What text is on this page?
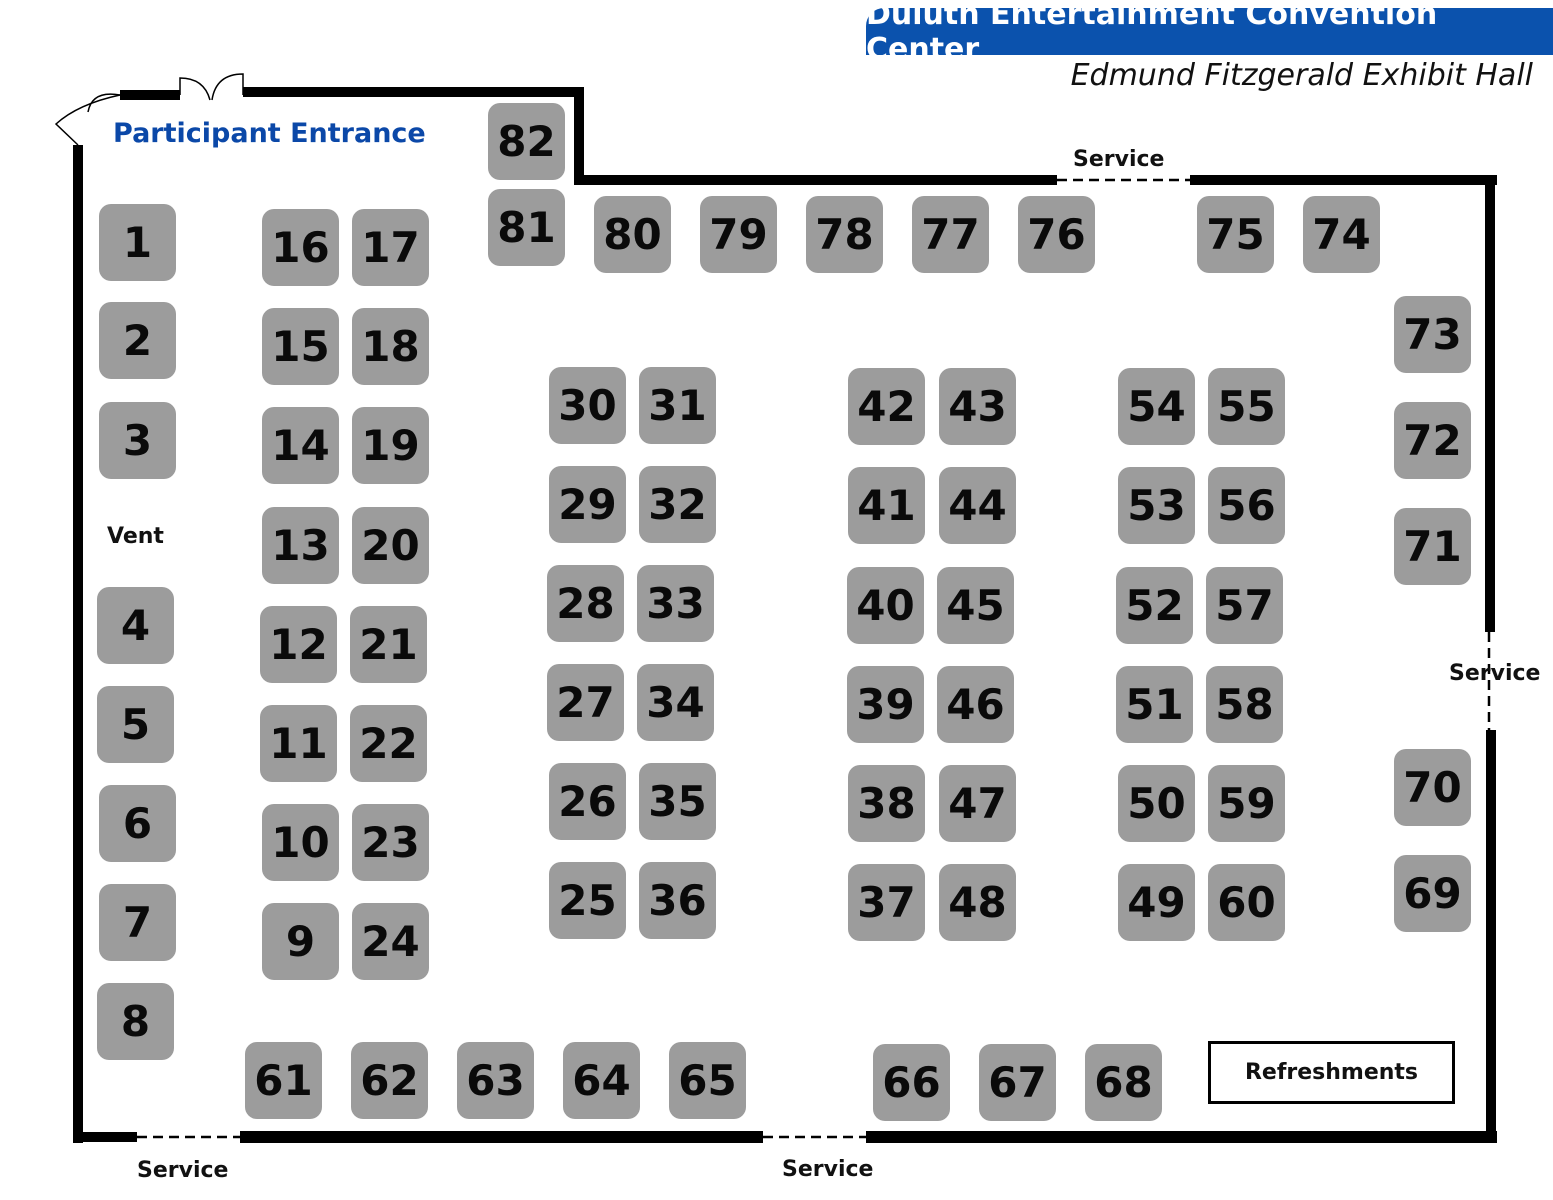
Duluth Entertainment Convention Center
Edmund Fitzgerald Exhibit Hall
Participant Entrance
Service
Service
Service	Service
Vent
Refreshments
1
2
3
4
5
6
7
8
9
10
11
12
13
14
15
16 17
18
19
20
21
22
23
24
25
26
27
28
29
30 31
32
33
34
35
36	37
38
39
40
41
42 43
44
45
46
47
48	49
50
51
52
53
54 55
56
57
58
59
60
61 62 63 64 65	66 67 68
69
70
71
72
73
74
75
76
77
78
79
80
81
82
